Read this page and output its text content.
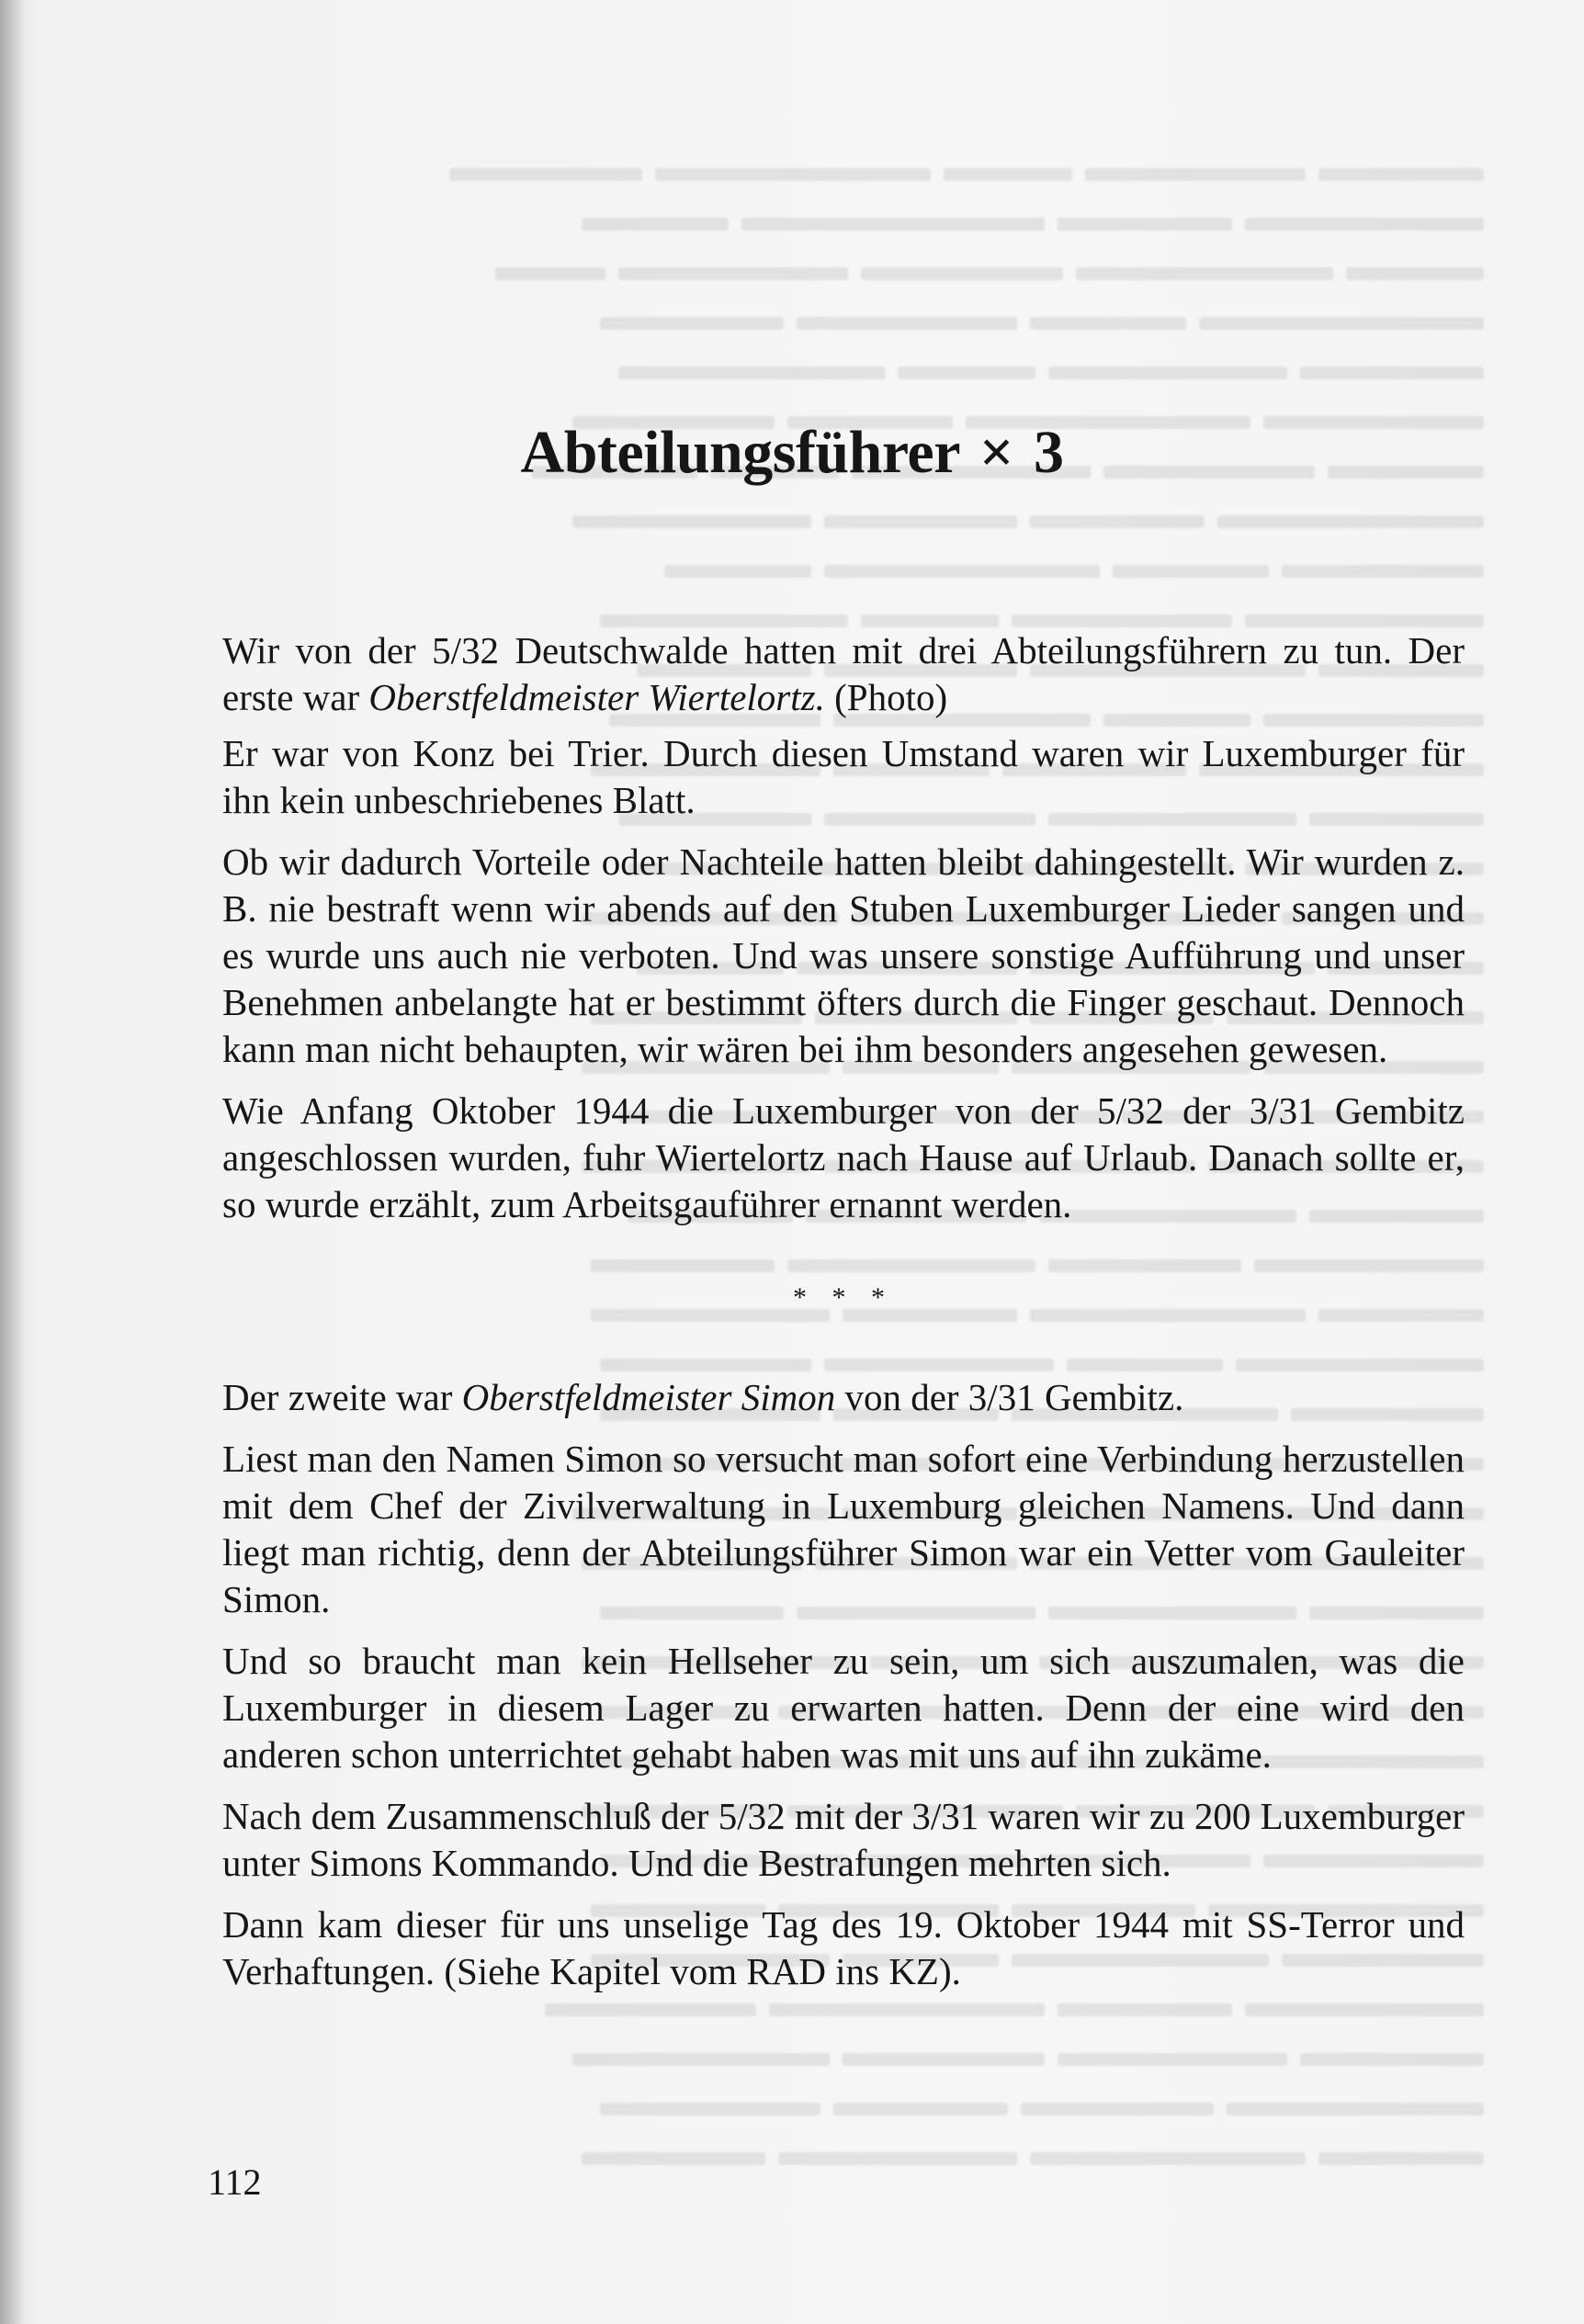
Abteilungsführer × 3

Wir von der 5/32 Deutschwalde hatten mit drei Abteilungsführern zu tun. Der erste war Oberstfeldmeister Wiertelortz. (Photo)

Er war von Konz bei Trier. Durch diesen Umstand waren wir Luxemburger für ihn kein unbeschriebenes Blatt.

Ob wir dadurch Vorteile oder Nachteile hatten bleibt dahingestellt. Wir wurden z. B. nie bestraft wenn wir abends auf den Stuben Luxemburger Lieder sangen und es wurde uns auch nie verboten. Und was unsere sonstige Aufführung und unser Benehmen anbelangte hat er bestimmt öfters durch die Finger geschaut. Dennoch kann man nicht behaupten, wir wären bei ihm besonders angesehen gewesen.

Wie Anfang Oktober 1944 die Luxemburger von der 5/32 der 3/31 Gembitz angeschlossen wurden, fuhr Wiertelortz nach Hause auf Urlaub. Danach sollte er, so wurde erzählt, zum Arbeitsgauführer ernannt werden.

* * *

Der zweite war Oberstfeldmeister Simon von der 3/31 Gembitz.

Liest man den Namen Simon so versucht man sofort eine Verbindung herzustellen mit dem Chef der Zivilverwaltung in Luxemburg gleichen Namens. Und dann liegt man richtig, denn der Abteilungsführer Simon war ein Vetter vom Gauleiter Simon.

Und so braucht man kein Hellseher zu sein, um sich auszumalen, was die Luxemburger in diesem Lager zu erwarten hatten. Denn der eine wird den anderen schon unterrichtet gehabt haben was mit uns auf ihn zukäme.

Nach dem Zusammenschluß der 5/32 mit der 3/31 waren wir zu 200 Luxemburger unter Simons Kommando. Und die Bestrafungen mehrten sich.

Dann kam dieser für uns unselige Tag des 19. Oktober 1944 mit SS-Terror und Verhaftungen. (Siehe Kapitel vom RAD ins KZ).

112
